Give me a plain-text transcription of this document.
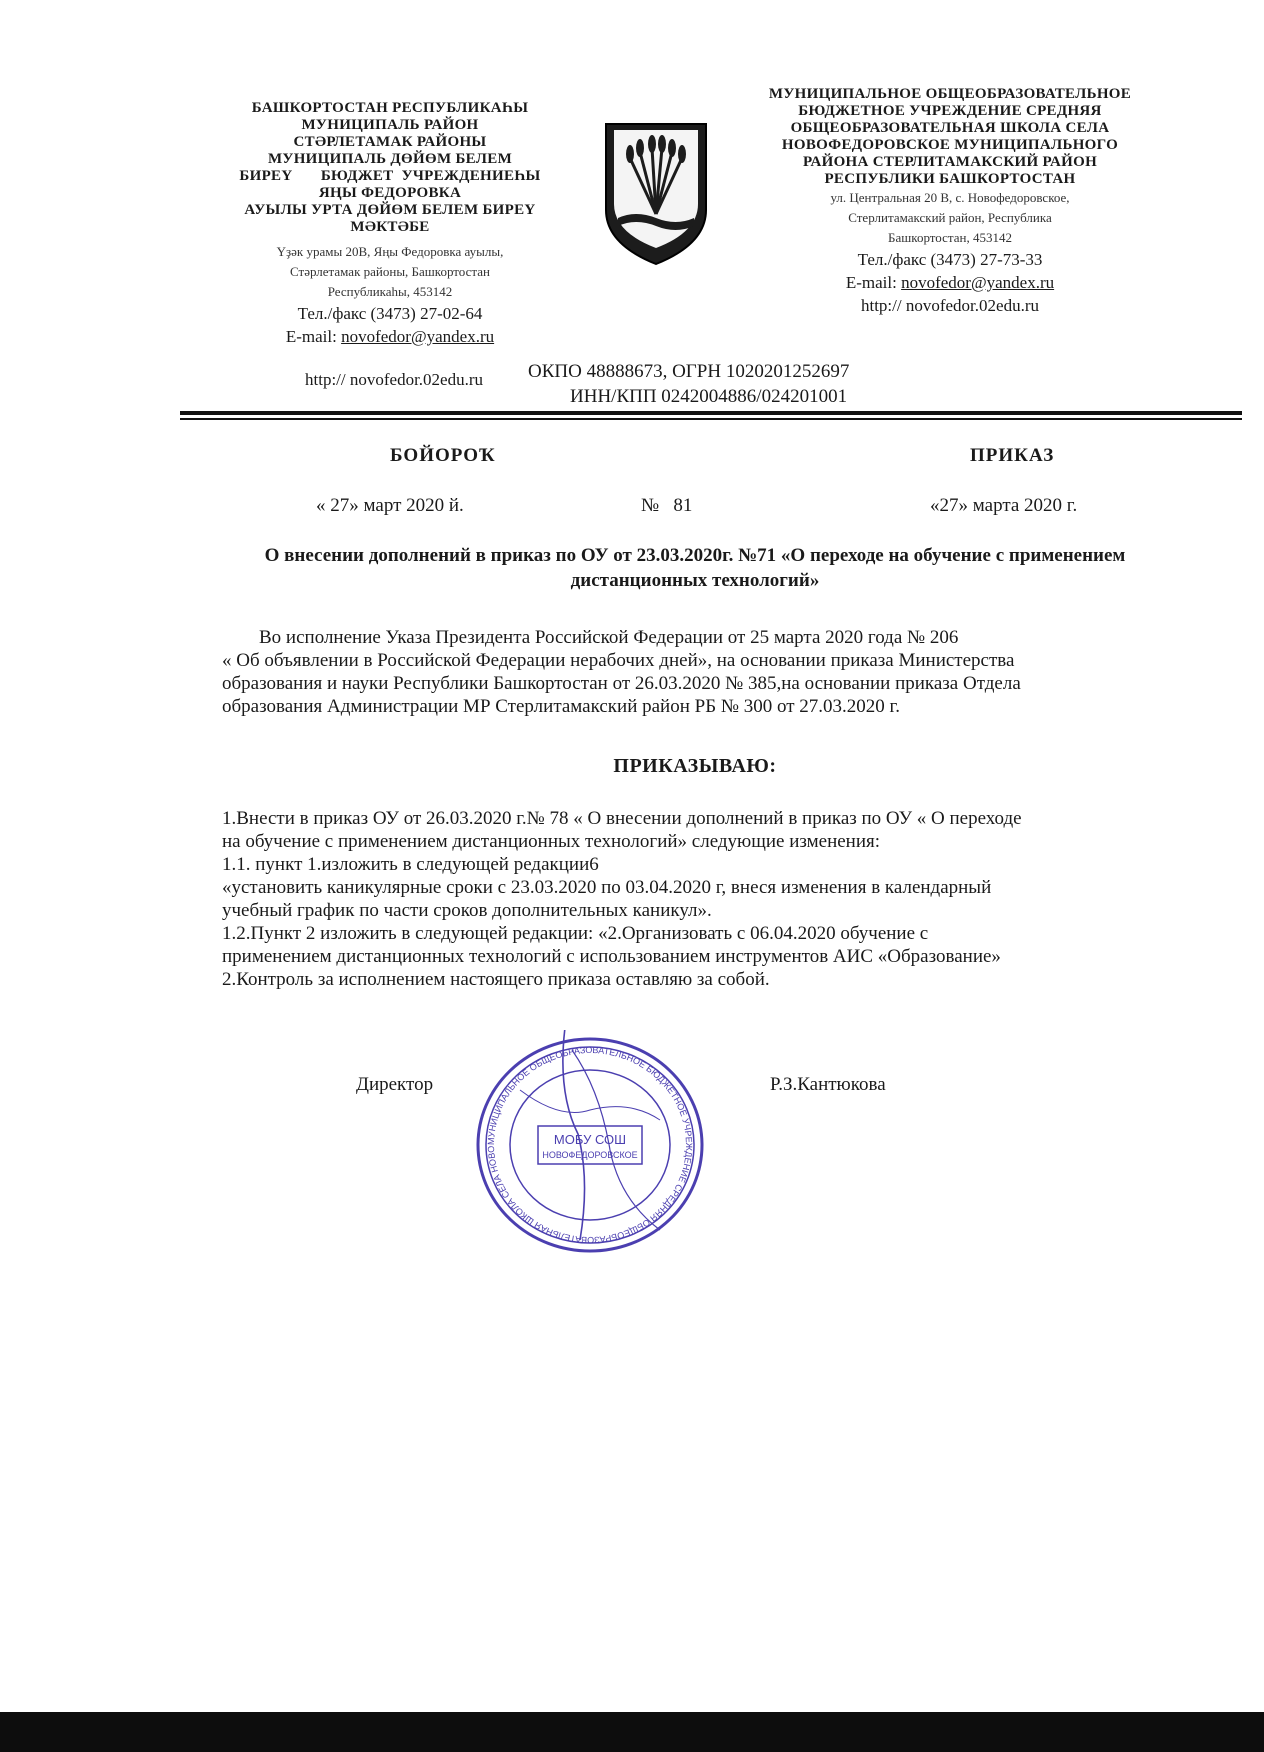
БАШКОРТОСТАН РЕСПУБЛИКАҺЫ
МУНИЦИПАЛЬ РАЙОН
СТӘРЛЕТАМАК РАЙОНЫ
МУНИЦИПАЛЬ ДӨЙӨМ БЕЛЕМ
БИРЕҮ       БЮДЖЕТ  УЧРЕЖДЕНИЕҺЫ
ЯҢЫ ФЕДОРОВКА
АУЫЛЫ УРТА ДӨЙӨМ БЕЛЕМ БИРЕҮ
МӘКТӘБЕ
Үҙәк урамы 20В, Яңы Федоровка ауылы,
Стәрлетамак районы, Башкортостан
Республикаһы, 453142
Тел./факс (3473) 27-02-64
E-mail: novofedor@yandex.ru
http:// novofedor.02edu.ru
МУНИЦИПАЛЬНОЕ ОБЩЕОБРАЗОВАТЕЛЬНОЕ
БЮДЖЕТНОЕ УЧРЕЖДЕНИЕ СРЕДНЯЯ
ОБЩЕОБРАЗОВАТЕЛЬНАЯ ШКОЛА СЕЛА
НОВОФЕДОРОВСКОЕ МУНИЦИПАЛЬНОГО
РАЙОНА СТЕРЛИТАМАКСКИЙ РАЙОН
РЕСПУБЛИКИ БАШКОРТОСТАН
ул. Центральная 20 В, с. Новофедоровское,
Стерлитамакский район, Республика
Башкортостан, 453142
Тел./факс (3473) 27-73-33
E-mail: novofedor@yandex.ru
http:// novofedor.02edu.ru
ОКПО 48888673, ОГРН 1020201252697
ИНН/КПП 0242004886/024201001
БОЙОРОҠ	ПРИКАЗ
« 27» март 2020 й.	№   81	«27» марта 2020 г.
О внесении дополнений в приказ по ОУ от 23.03.2020г. №71 «О переходе на обучение с применением дистанционных технологий»

Во исполнение Указа Президента Российской Федерации от 25 марта 2020 года № 206

« Об объявлении в Российской Федерации нерабочих дней», на основании приказа Министерства

образования и науки Республики Башкортостан от 26.03.2020 № 385,на основании приказа Отдела

образования Администрации МР Стерлитамакский район РБ № 300 от 27.03.2020 г.

ПРИКАЗЫВАЮ:

1.Внести в приказ ОУ от 26.03.2020 г.№ 78 « О внесении дополнений в приказ по ОУ « О переходе

на обучение с применением дистанционных технологий» следующие изменения:

1.1. пункт 1.изложить в следующей редакции6

«установить каникулярные сроки с 23.03.2020 по 03.04.2020 г, внеся изменения в календарный

учебный график по части сроков дополнительных каникул».

1.2.Пункт 2 изложить в следующей редакции: «2.Организовать с 06.04.2020 обучение с

применением дистанционных технологий с использованием инструментов АИС «Образование»

2.Контроль за исполнением настоящего приказа оставляю за собой.

Директор	Р.З.Кантюкова
МУНИЦИПАЛЬНОЕ ОБЩЕОБРАЗОВАТЕЛЬНОЕ БЮДЖЕТНОЕ УЧРЕЖДЕНИЕ СРЕДНЯЯ ОБЩЕОБРАЗОВАТЕЛЬНАЯ ШКОЛА СЕЛА НОВО
МОБУ СОШ
НОВОФЕДОРОВСКОЕ
